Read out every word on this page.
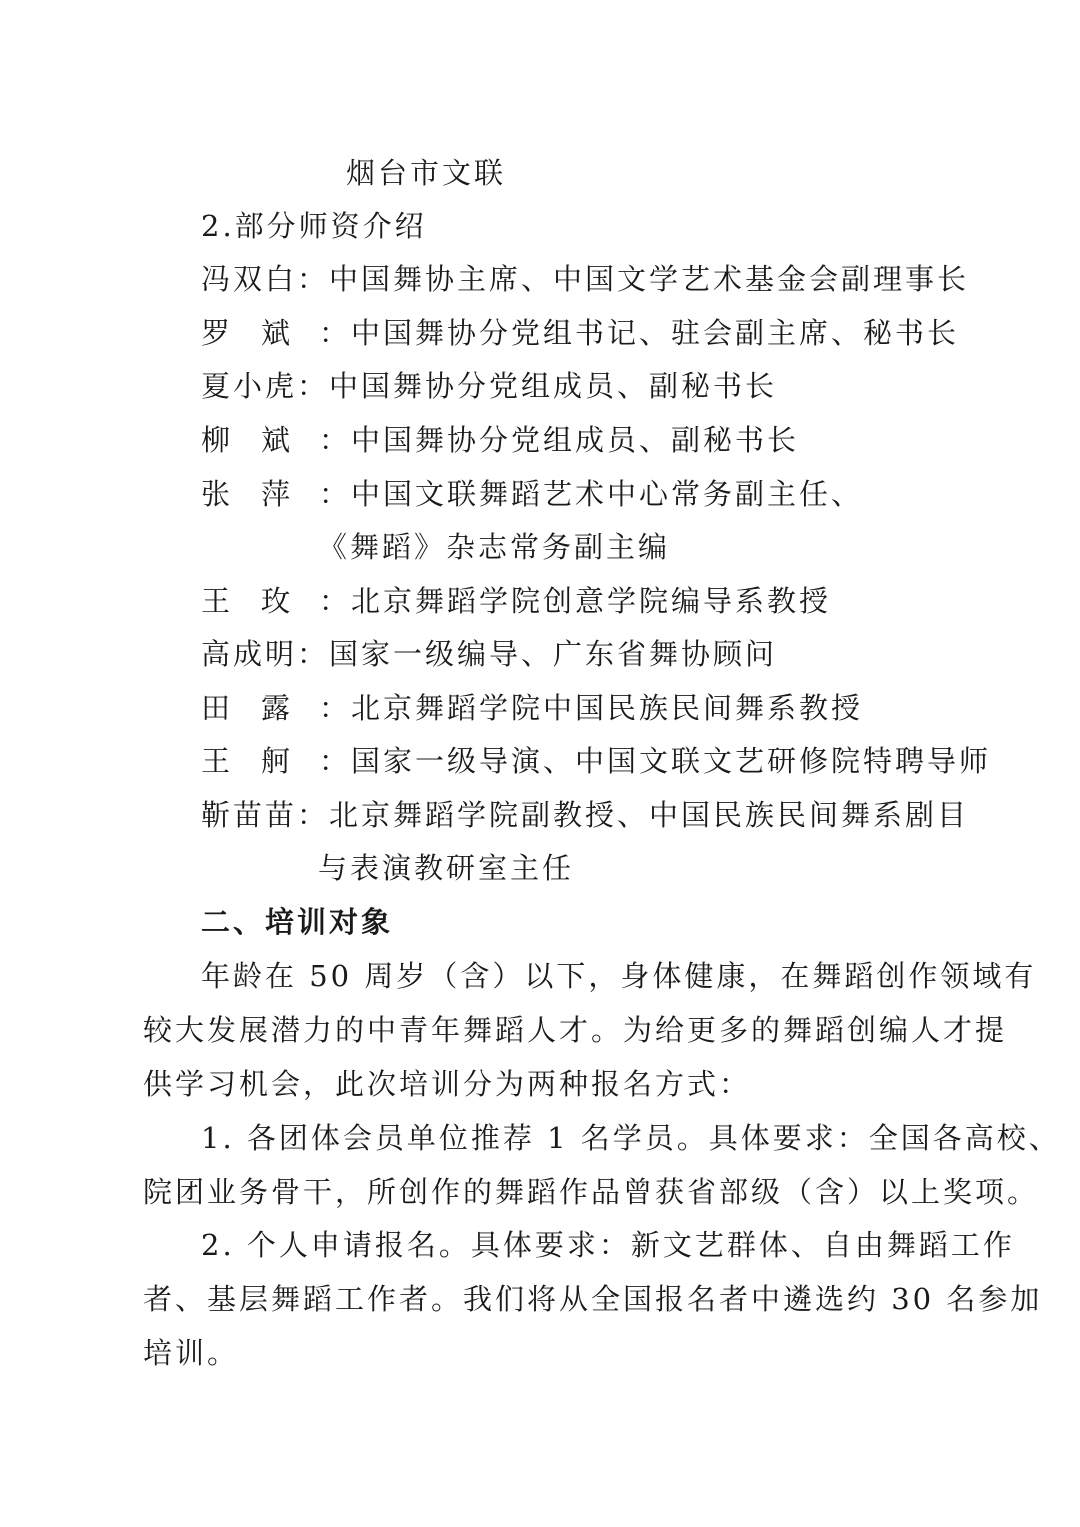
烟台市文联
2.部分师资介绍
冯双白：中国舞协主席、中国文学艺术基金会副理事长
罗 斌 ：中国舞协分党组书记、驻会副主席、秘书长
夏小虎：中国舞协分党组成员、副秘书长
柳 斌 ：中国舞协分党组成员、副秘书长
张 萍 ：中国文联舞蹈艺术中心常务副主任、
《舞蹈》杂志常务副主编
王 玫 ：北京舞蹈学院创意学院编导系教授
高成明：国家一级编导、广东省舞协顾问
田 露 ：北京舞蹈学院中国民族民间舞系教授
王 舸 ：国家一级导演、中国文联文艺研修院特聘导师
靳苗苗：北京舞蹈学院副教授、中国民族民间舞系剧目
与表演教研室主任
二、培训对象
年龄在 50 周岁（含）以下，身体健康，在舞蹈创作领域有
较大发展潜力的中青年舞蹈人才。为给更多的舞蹈创编人才提
供学习机会，此次培训分为两种报名方式：
1. 各团体会员单位推荐 1 名学员。具体要求：全国各高校、
院团业务骨干，所创作的舞蹈作品曾获省部级（含）以上奖项。
2. 个人申请报名。具体要求：新文艺群体、自由舞蹈工作
者、基层舞蹈工作者。我们将从全国报名者中遴选约 30 名参加
培训。
